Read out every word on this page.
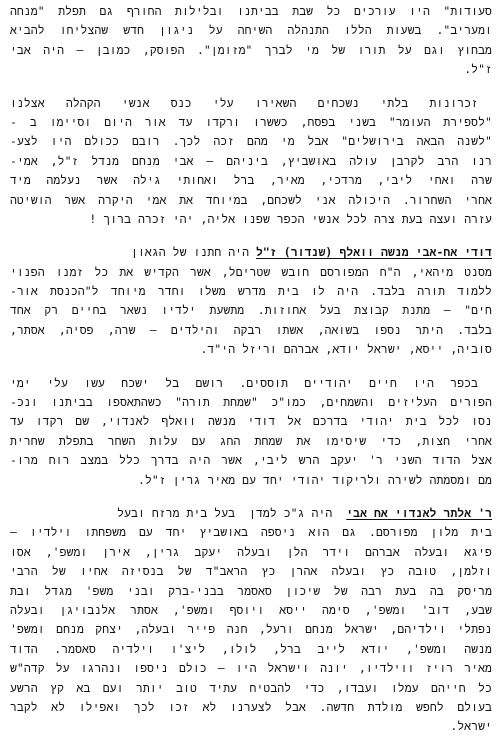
סעודות" היו עורכים כל שבת בביתנו ובלילות החורף גם תפלת "מנחה
ומעריב". בשעות הללו התנהלה השיחה על ניגון חדש שהצליחו להביא
מבחוץ וגם על תורו של מי לברך "מזומן". הפוסק, כמובן – היה אבי
ז"ל.
זכרונות בלתי נשכחים השאירו עלי כנס אנשי הקהלה אצלנו
"לספירת העומר" בשני בפסח, כששרו ורקדו עד אור היום וסיימו ב -
"לשנה הבאה בירושלים" אבל מי מהם זכה לכך. רובם ככולם היו לצע-
רנו הרב לקרבן עולה באושביץ, ביניהם – אבי מנחם מנדל ז"ל, אמי-
שרה ואחי ליבי, מרדכי, מאיר, ברל ואחותי גילה אשר נעלמה מיד
אחרי השחרור. היכולה אני לשכחם, במיוחד את אמי היקרה אשר הושיטה
עזרה ועצה בעת צרה לכל אנשי הכפר שפנו אליה, יהי זכרה ברוך !
דודי אח-אבי מנשה וואלף (שנדור) ז"ל היה חתנו של הגאון
מסנט מיהאי, ה"ח המפורסם חובש שטריםל, אשר הקדיש את כל זמנו הפנוי
ללמוד תורה בלבד. היה לו בית מדרש משלו וחדר מיוחד ל"הכנסת אור-
חים" – מתנת קבוצת בעל אחוזות. מתשעת ילדיו נשאר בחיים רק אחד
בלבד. היתר נספו בשואה, אשתו רבקה והילדים – שרה, פסיה, אסתר,
סוביה, ייסא, ישראל יודא, אברהם וריזל הי"ד.
בכפר היו חיים יהודיים תוססים. רושם בל ישכח עשו עלי ימי
הפורים העליזים והשמחים, כמו"כ "שמחת תורה" כשהתאספו בביתנו ונכ-
נסו לכל בית יהודי בדרכם אל דודי מנשה וואלף לאנדוי, שם רקדו עד
אחרי חצות, כדי שיסימו את שמחת החג עם עלות השחר בתפלת שחרית
אצל הדוד השני ר' יעקב הרש ליבי, אשר היה בדרך כלל במצב רוח מרו-
מם ומסמתה לשירה ולריקוד יהודי יחד עם מאיר גרין ז"ל.
ר' אלתר לאנדוי אח אבי  היה ג"כ למדן  בעל בית מרזח ובעל
בית מלון מפורסם. גם הוא ניספה באושביץ יחד עם משפחתו וילדיו –
פיגא ובעלה אברהם וידר הלן ובעלה יעקב גרין, אירן ומשפ', אסו
וזלמן, טובה כץ ובעלה אהרן כץ הראב"ד של בנסיזה אחיו של הרבי
מריסק בה בעת רבה של שיכון סאסמר בבני-ברק ובני משפ' מגדל ובת
שבע, דוב' ומשפ', סימה ייסא ויוסף ומשפ', אסתר אלנבויגן ובעלה
נפתלי וילדיהם, ישראל מנחם ורעל, חנה פייר ובעלה, יצחק מנחם ומשפ'
מנשה ומשפ', יודא לייב ברל, לולו, ליצ'ו וילדיה סאסמר. הדוד
מאיר רויז ווילדיו, יונה וישראל היו – כולם ניספו ונהרגו על קדה"ש
כל חייהם עמלו ועבדו, כדי להבטיח עתיד טוב יותר ועם בא קץ הרשע
בעולם לחפש מולדת חדשה. אבל לצערנו לא זכו לכך ואפילו לא לקבר
ישראל.
